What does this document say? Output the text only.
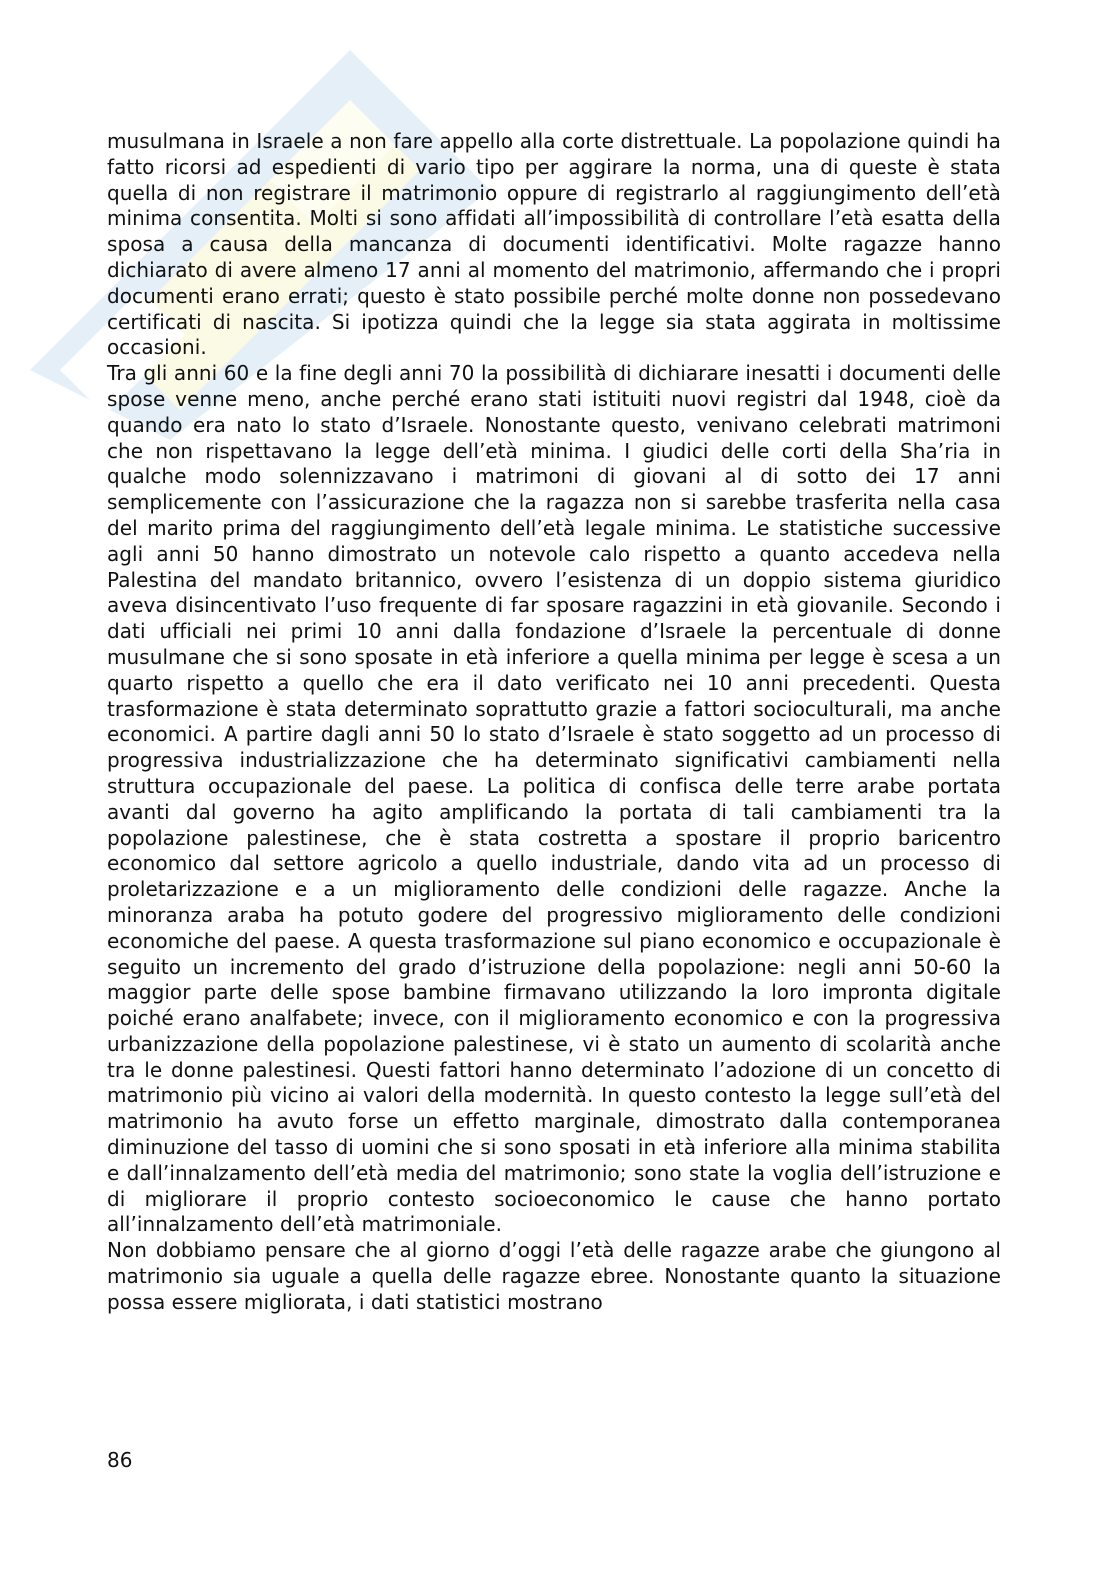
musulmana in Israele a non fare appello alla corte distrettuale. La popolazione quindi ha fatto ricorsi ad espedienti di vario tipo per aggirare la norma, una di queste è stata quella di non registrare il matrimonio oppure di registrarlo al raggiungimento dell’età minima consentita. Molti si sono affidati all’impossibilità di controllare l’età esatta della sposa a causa della mancanza di documenti identificativi. Molte ragazze hanno dichiarato di avere almeno 17 anni al momento del matrimonio, affermando che i propri documenti erano errati; questo è stato possibile perché molte donne non possedevano certificati di nascita. Si ipotizza quindi che la legge sia stata aggirata in moltissime occasioni.

Tra gli anni 60 e la fine degli anni 70 la possibilità di dichiarare inesatti i documenti delle spose venne meno, anche perché erano stati istituiti nuovi registri dal 1948, cioè da quando era nato lo stato d’Israele. Nonostante questo, venivano celebrati matrimoni che non rispettavano la legge dell’età minima. I giudici delle corti della Sha’ria in qualche modo solennizzavano i matrimoni di giovani al di sotto dei 17 anni semplicemente con l’assicurazione che la ragazza non si sarebbe trasferita nella casa del marito prima del raggiungimento dell’età legale minima. Le statistiche successive agli anni 50 hanno dimostrato un notevole calo rispetto a quanto accedeva nella Palestina del mandato britannico, ovvero l’esistenza di un doppio sistema giuridico aveva disincentivato l’uso frequente di far sposare ragazzini in età giovanile. Secondo i dati ufficiali nei primi 10 anni dalla fondazione d’Israele la percentuale di donne musulmane che si sono sposate in età inferiore a quella minima per legge è scesa a un quarto rispetto a quello che era il dato verificato nei 10 anni precedenti. Questa trasformazione è stata determinato soprattutto grazie a fattori socioculturali, ma anche economici. A partire dagli anni 50 lo stato d’Israele è stato soggetto ad un processo di progressiva industrializzazione che ha determinato significativi cambiamenti nella struttura occupazionale del paese. La politica di confisca delle terre arabe portata avanti dal governo ha agito amplificando la portata di tali cambiamenti tra la popolazione palestinese, che è stata costretta a spostare il proprio baricentro economico dal settore agricolo a quello industriale, dando vita ad un processo di proletarizzazione e a un miglioramento delle condizioni delle ragazze. Anche la minoranza araba ha potuto godere del progressivo miglioramento delle condizioni economiche del paese. A questa trasformazione sul piano economico e occupazionale è seguito un incremento del grado d’istruzione della popolazione: negli anni 50-60 la maggior parte delle spose bambine firmavano utilizzando la loro impronta digitale poiché erano analfabete; invece, con il miglioramento economico e con la progressiva urbanizzazione della popolazione palestinese, vi è stato un aumento di scolarità anche tra le donne palestinesi. Questi fattori hanno determinato l’adozione di un concetto di matrimonio più vicino ai valori della modernità. In questo contesto la legge sull’età del matrimonio ha avuto forse un effetto marginale, dimostrato dalla contemporanea diminuzione del tasso di uomini che si sono sposati in età inferiore alla minima stabilita e dall’innalzamento dell’età media del matrimonio; sono state la voglia dell’istruzione e di migliorare il proprio contesto socioeconomico le cause che hanno portato all’innalzamento dell’età matrimoniale.

Non dobbiamo pensare che al giorno d’oggi l’età delle ragazze arabe che giungono al matrimonio sia uguale a quella delle ragazze ebree. Nonostante quanto la situazione possa essere migliorata, i dati statistici mostrano

86
